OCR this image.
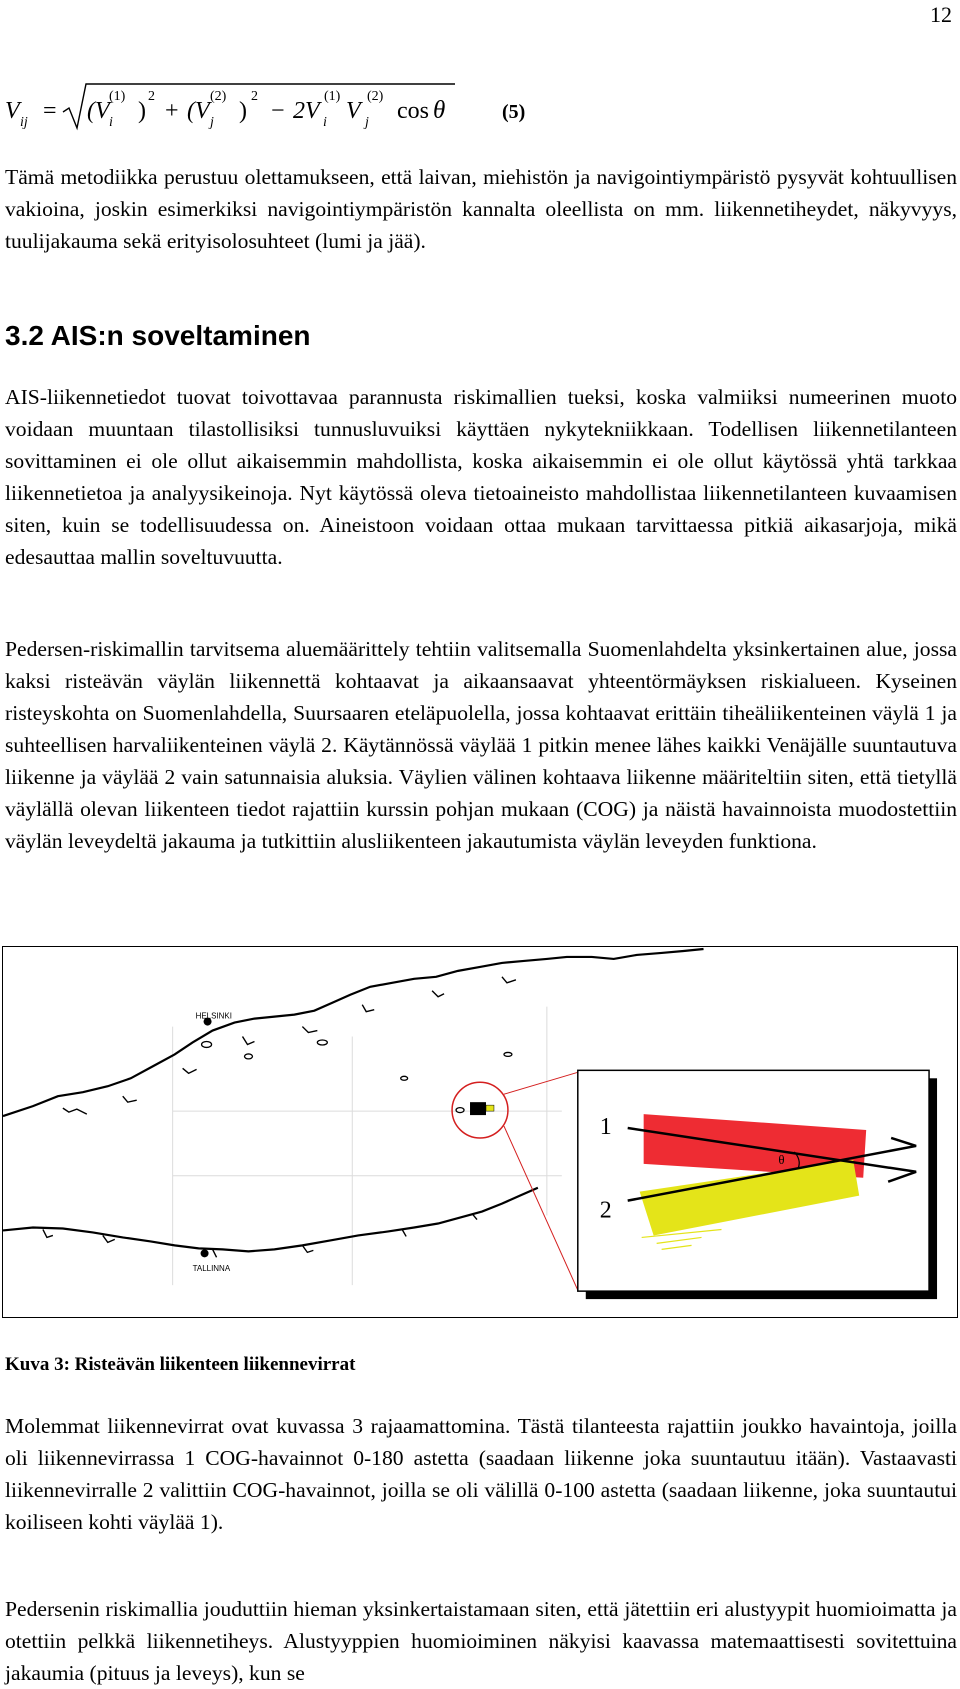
12
V ij = (V
(1)
i )
2
+ (V
(2)
j )
2
− 2V
(1)
i V
(2)
j cos θ	(5)

Tämä metodiikka perustuu olettamukseen, että laivan, miehistön ja navigointiympäristö pysyvät kohtuullisen vakioina, joskin esimerkiksi navigointiympäristön kannalta oleellista on mm. liikennetiheydet, näkyvyys, tuulijakauma sekä erityisolosuhteet (lumi ja jää).

3.2 AIS:n soveltaminen

AIS-liikennetiedot tuovat toivottavaa parannusta riskimallien tueksi, koska valmiiksi numeerinen muoto voidaan muuntaan tilastollisiksi tunnusluvuiksi käyttäen nykytekniikkaan. Todellisen liikennetilanteen sovittaminen ei ole ollut aikaisemmin mahdollista, koska aikaisemmin ei ole ollut käytössä yhtä tarkkaa liikennetietoa ja analyysikeinoja. Nyt käytössä oleva tietoaineisto mahdollistaa liikennetilanteen kuvaamisen siten, kuin se todellisuudessa on. Aineistoon voidaan ottaa mukaan tarvittaessa pitkiä aikasarjoja, mikä edesauttaa mallin soveltuvuutta.

Pedersen-riskimallin tarvitsema aluemäärittely tehtiin valitsemalla Suomenlahdelta yksinkertainen alue, jossa kaksi risteävän väylän liikennettä kohtaavat ja aikaansaavat yhteentörmäyksen riskialueen. Kyseinen risteyskohta on Suomenlahdella, Suursaaren eteläpuolella, jossa kohtaavat erittäin tiheäliikenteinen väylä 1 ja suhteellisen harvaliikenteinen väylä 2. Käytännössä väylää 1 pitkin menee lähes kaikki Venäjälle suuntautuva liikenne ja väylää 2 vain satunnaisia aluksia. Väylien välinen kohtaava liikenne määriteltiin siten, että tietyllä väylällä olevan liikenteen tiedot rajattiin kurssin pohjan mukaan (COG) ja näistä havainnoista muodostettiin väylän leveydeltä jakauma ja tutkittiin alusliikenteen jakautumista väylän leveyden funktiona.

HELSINKI
TALLINNA
θ
1
2

Kuva 3: Risteävän liikenteen liikennevirrat

Molemmat liikennevirrat ovat kuvassa 3 rajaamattomina. Tästä tilanteesta rajattiin joukko havaintoja, joilla oli liikennevirrassa 1 COG-havainnot 0-180 astetta (saadaan liikenne joka suuntautuu itään). Vastaavasti liikennevirralle 2 valittiin COG-havainnot, joilla se oli välillä 0-100 astetta (saadaan liikenne, joka suuntautui koiliseen kohti väylää 1).

Pedersenin riskimallia jouduttiin hieman yksinkertaistamaan siten, että jätettiin eri alustyypit huomioimatta ja otettiin pelkkä liikennetiheys. Alustyyppien huomioiminen näkyisi kaavassa matemaattisesti sovitettuina jakaumia (pituus ja leveys), kun se
